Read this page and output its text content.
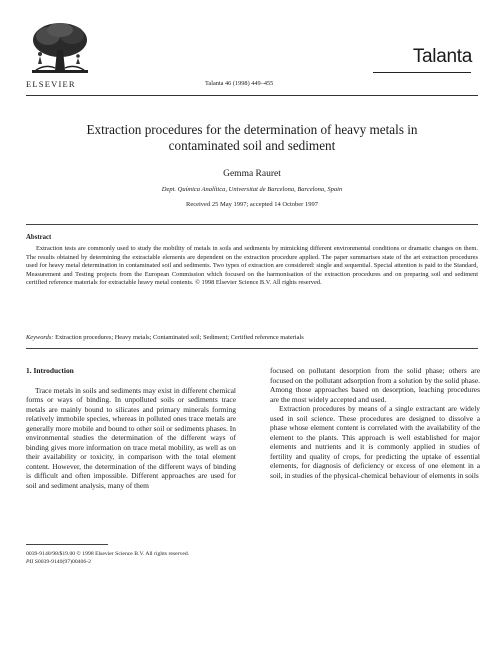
ELSEVIER	Talanta 46 (1998) 449–455
Talanta
Extraction procedures for the determination of heavy metals in
contaminated soil and sediment
Gemma Rauret
Dept. Química Analítica, Universitat de Barcelona, Barcelona, Spain
Received 25 May 1997; accepted 14 October 1997
Abstract

Extraction tests are commonly used to study the mobility of metals in soils and sediments by mimicking different environmental conditions or dramatic changes on them. The results obtained by determining the extractable elements are dependent on the extraction procedure applied. The paper summarises state of the art extraction procedures used for heavy metal determination in contaminated soil and sediments. Two types of extraction are considered: single and sequential. Special attention is paid to the Standard, Measurement and Testing projects from the European Commission which focused on the harmonisation of the extraction procedures and on preparing soil and sediment certified reference materials for extractable heavy metal contents. © 1998 Elsevier Science B.V. All rights reserved.

Keywords: Extraction procedures; Heavy metals; Contaminated soil; Sediment; Certified reference materials
1. Introduction

Trace metals in soils and sediments may exist in different chemical forms or ways of binding. In unpolluted soils or sediments trace metals are mainly bound to silicates and primary minerals forming relatively immobile species, whereas in polluted ones trace metals are generally more mobile and bound to other soil or sediments phases. In environmental studies the determination of the different ways of binding gives more information on trace metal mobility, as well as on their availability or toxicity, in comparison with the total element content. However, the determination of the different ways of binding is difficult and often impossible. Different approaches are used for soil and sediment analysis, many of them

focused on pollutant desorption from the solid phase; others are focused on the pollutant adsorption from a solution by the solid phase. Among those approaches based on desorption, leaching procedures are the most widely accepted and used.

Extraction procedures by means of a single extractant are widely used in soil science. These procedures are designed to dissolve a phase whose element content is correlated with the availability of the element to the plants. This approach is well established for major elements and nutrients and it is commonly applied in studies of fertility and quality of crops, for predicting the uptake of essential elements, for diagnosis of deficiency or excess of one element in a soil, in studies of the physical-chemical behaviour of elements in soils

0039-9140/98/$19.00 © 1998 Elsevier Science B.V. All rights reserved.
PII S0039-9140(97)00406-2
